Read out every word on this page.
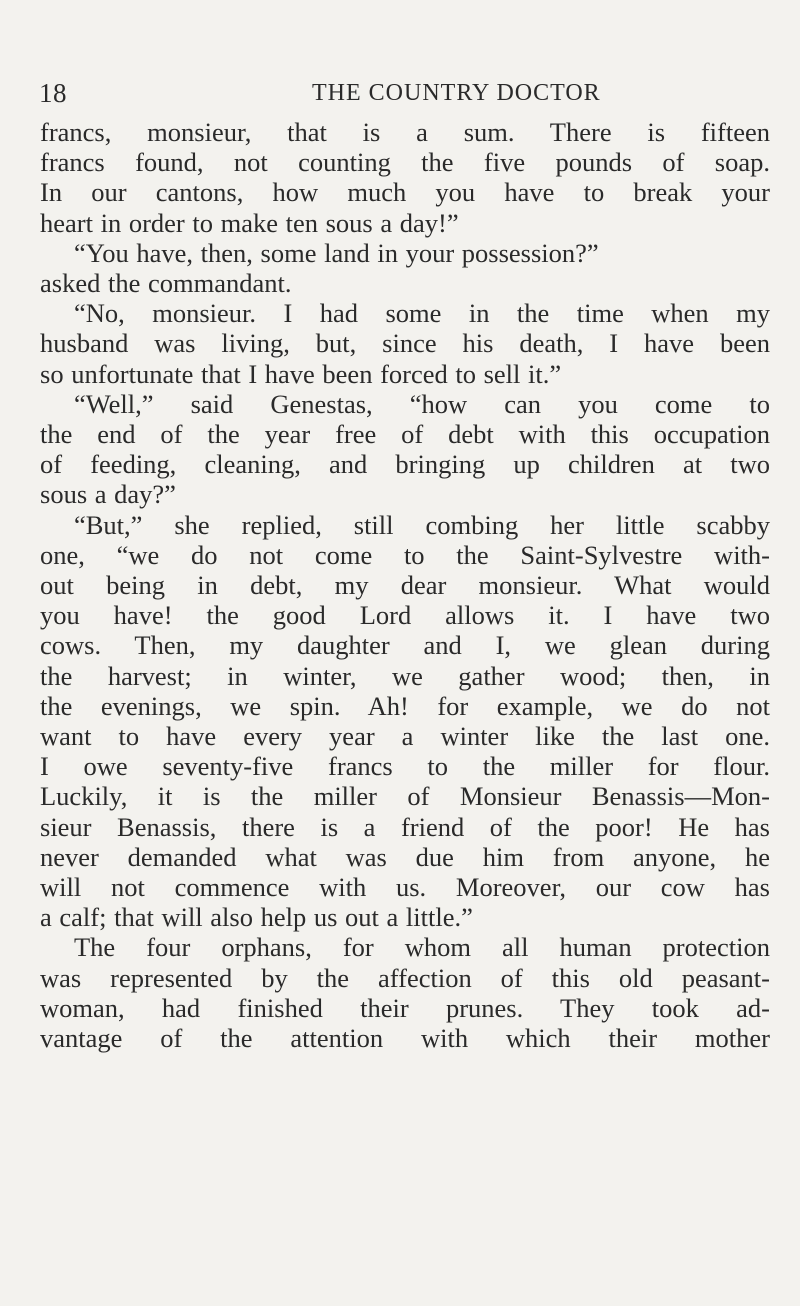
18	THE COUNTRY DOCTOR
francs, monsieur, that is a sum. There is fifteen
francs found, not counting the five pounds of soap.
In our cantons, how much you have to break your
heart in order to make ten sous a day!”
“You have, then, some land in your possession?”
asked the commandant.
“No, monsieur. I had some in the time when my
husband was living, but, since his death, I have been
so unfortunate that I have been forced to sell it.”
“Well,” said Genestas, “how can you come to
the end of the year free of debt with this occupation
of feeding, cleaning, and bringing up children at two
sous a day?”
“But,” she replied, still combing her little scabby
one, “we do not come to the Saint-Sylvestre with-
out being in debt, my dear monsieur. What would
you have! the good Lord allows it. I have two
cows. Then, my daughter and I, we glean during
the harvest; in winter, we gather wood; then, in
the evenings, we spin. Ah! for example, we do not
want to have every year a winter like the last one.
I owe seventy-five francs to the miller for flour.
Luckily, it is the miller of Monsieur Benassis—Mon-
sieur Benassis, there is a friend of the poor! He has
never demanded what was due him from anyone, he
will not commence with us. Moreover, our cow has
a calf; that will also help us out a little.”
The four orphans, for whom all human protection
was represented by the affection of this old peasant-
woman, had finished their prunes. They took ad-
vantage of the attention with which their mother
